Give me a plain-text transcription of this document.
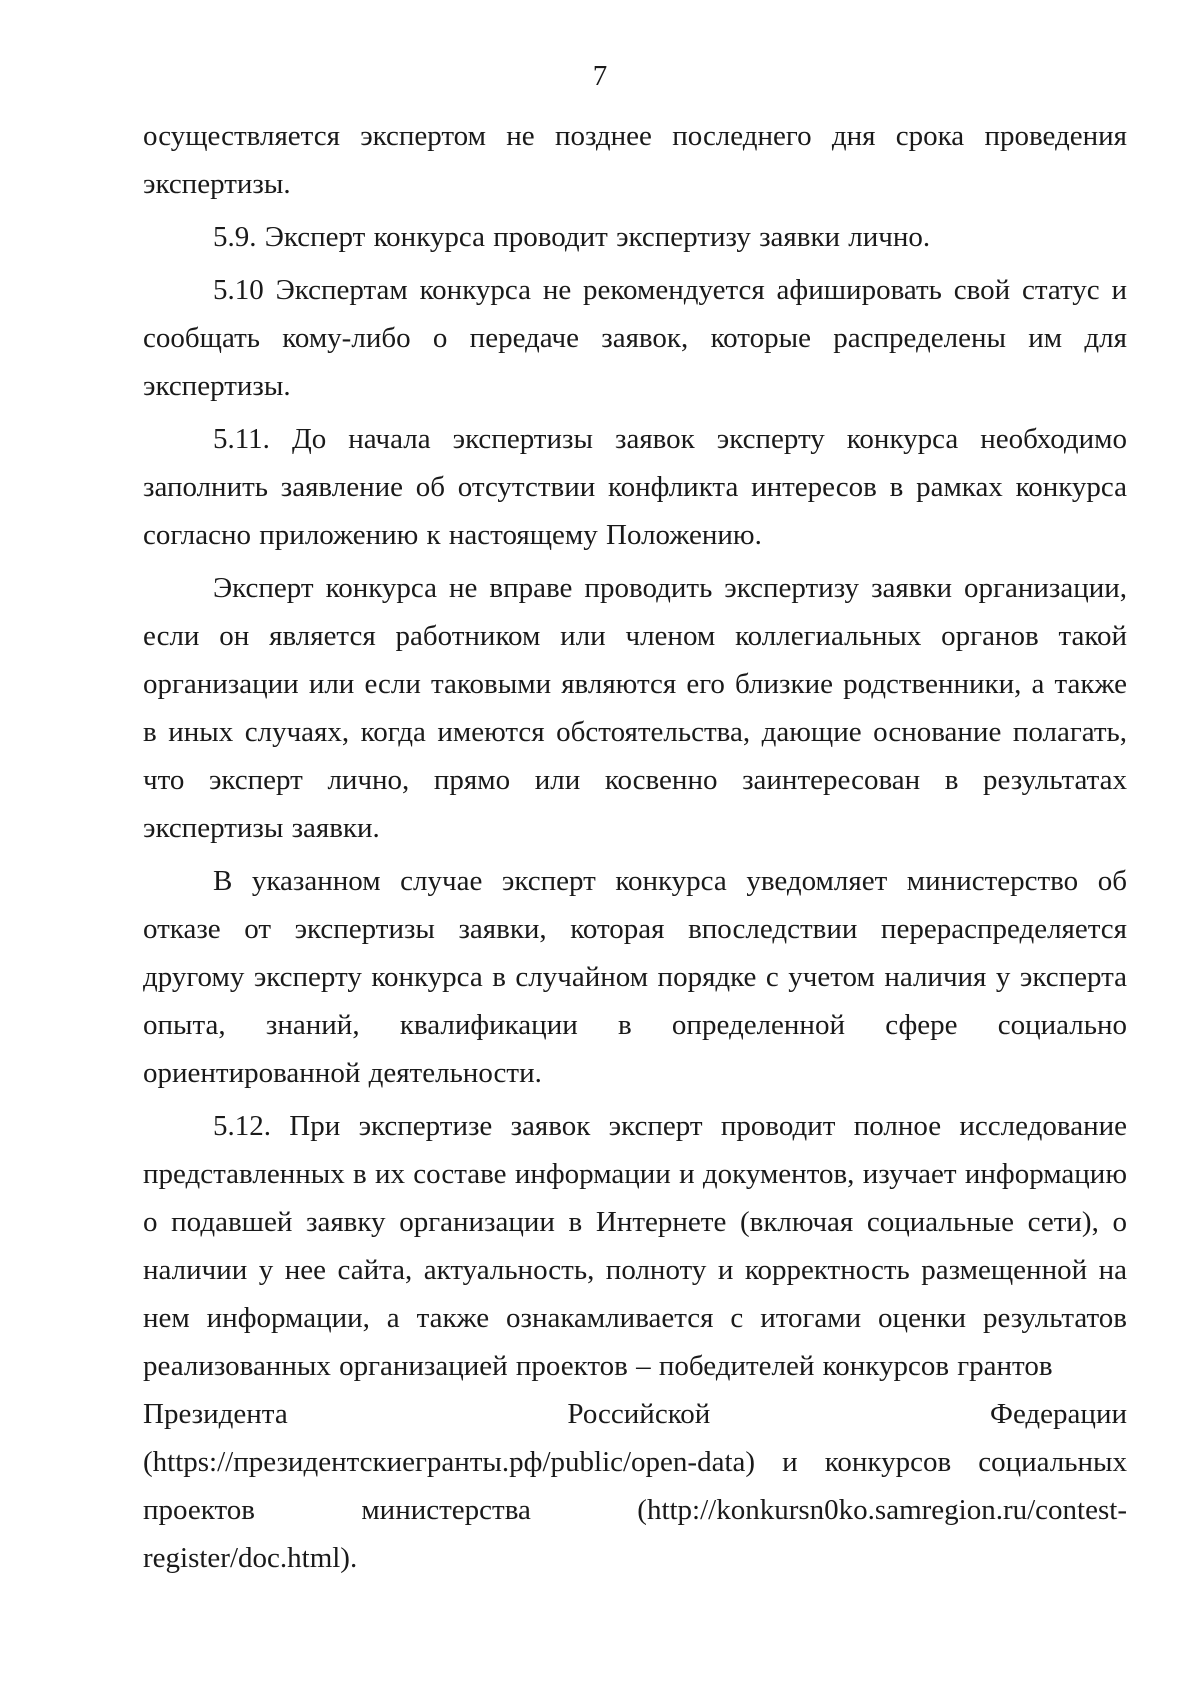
7

осуществляется экспертом не позднее последнего дня срока проведения экспертизы.

5.9. Эксперт конкурса проводит экспертизу заявки лично.

5.10 Экспертам конкурса не рекомендуется афишировать свой статус и сообщать кому-либо о передаче заявок, которые распределены им для экспертизы.

5.11. До начала экспертизы заявок эксперту конкурса необходимо заполнить заявление об отсутствии конфликта интересов в рамках конкурса согласно приложению к настоящему Положению.

Эксперт конкурса не вправе проводить экспертизу заявки организации, если он является работником или членом коллегиальных органов такой организации или если таковыми являются его близкие родственники, а также в иных случаях, когда имеются обстоятельства, дающие основание полагать, что эксперт лично, прямо или косвенно заинтересован в результатах экспертизы заявки.

В указанном случае эксперт конкурса уведомляет министерство об отказе от экспертизы заявки, которая впоследствии перераспределяется другому эксперту конкурса в случайном порядке с учетом наличия у эксперта опыта, знаний, квалификации в определенной сфере социально ориентированной деятельности.

5.12. При экспертизе заявок эксперт проводит полное исследование представленных в их составе информации и документов, изучает информацию о подавшей заявку организации в Интернете (включая социальные сети), о наличии у нее сайта, актуальность, полноту и корректность размещенной на нем информации, а также ознакамливается с итогами оценки результатов реализованных организацией проектов – победителей конкурсов грантов

Президента	Российской	Федерации
(https://президентскиегранты.рф/public/open-data) и конкурсов социальных
проектов	министерства	(http://konkursn0ko.samregion.ru/contest-
register/doc.html).
